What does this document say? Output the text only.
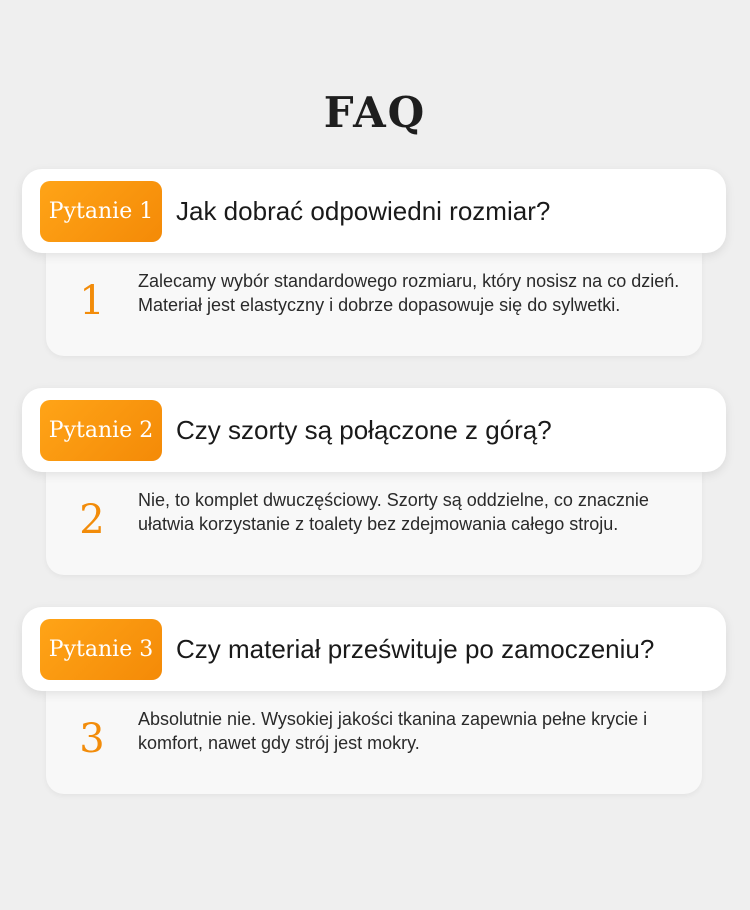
FAQ
Pytanie 1 Jak dobrać odpowiedni rozmiar?
1 Zalecamy wybór standardowego rozmiaru, który nosisz na co dzień. Materiał jest elastyczny i dobrze dopasowuje się do sylwetki.
Pytanie 2 Czy szorty są połączone z górą?
2 Nie, to komplet dwuczęściowy. Szorty są oddzielne, co znacznie ułatwia korzystanie z toalety bez zdejmowania całego stroju.
Pytanie 3 Czy materiał prześwituje po zamoczeniu?
3 Absolutnie nie. Wysokiej jakości tkanina zapewnia pełne krycie i komfort, nawet gdy strój jest mokry.
